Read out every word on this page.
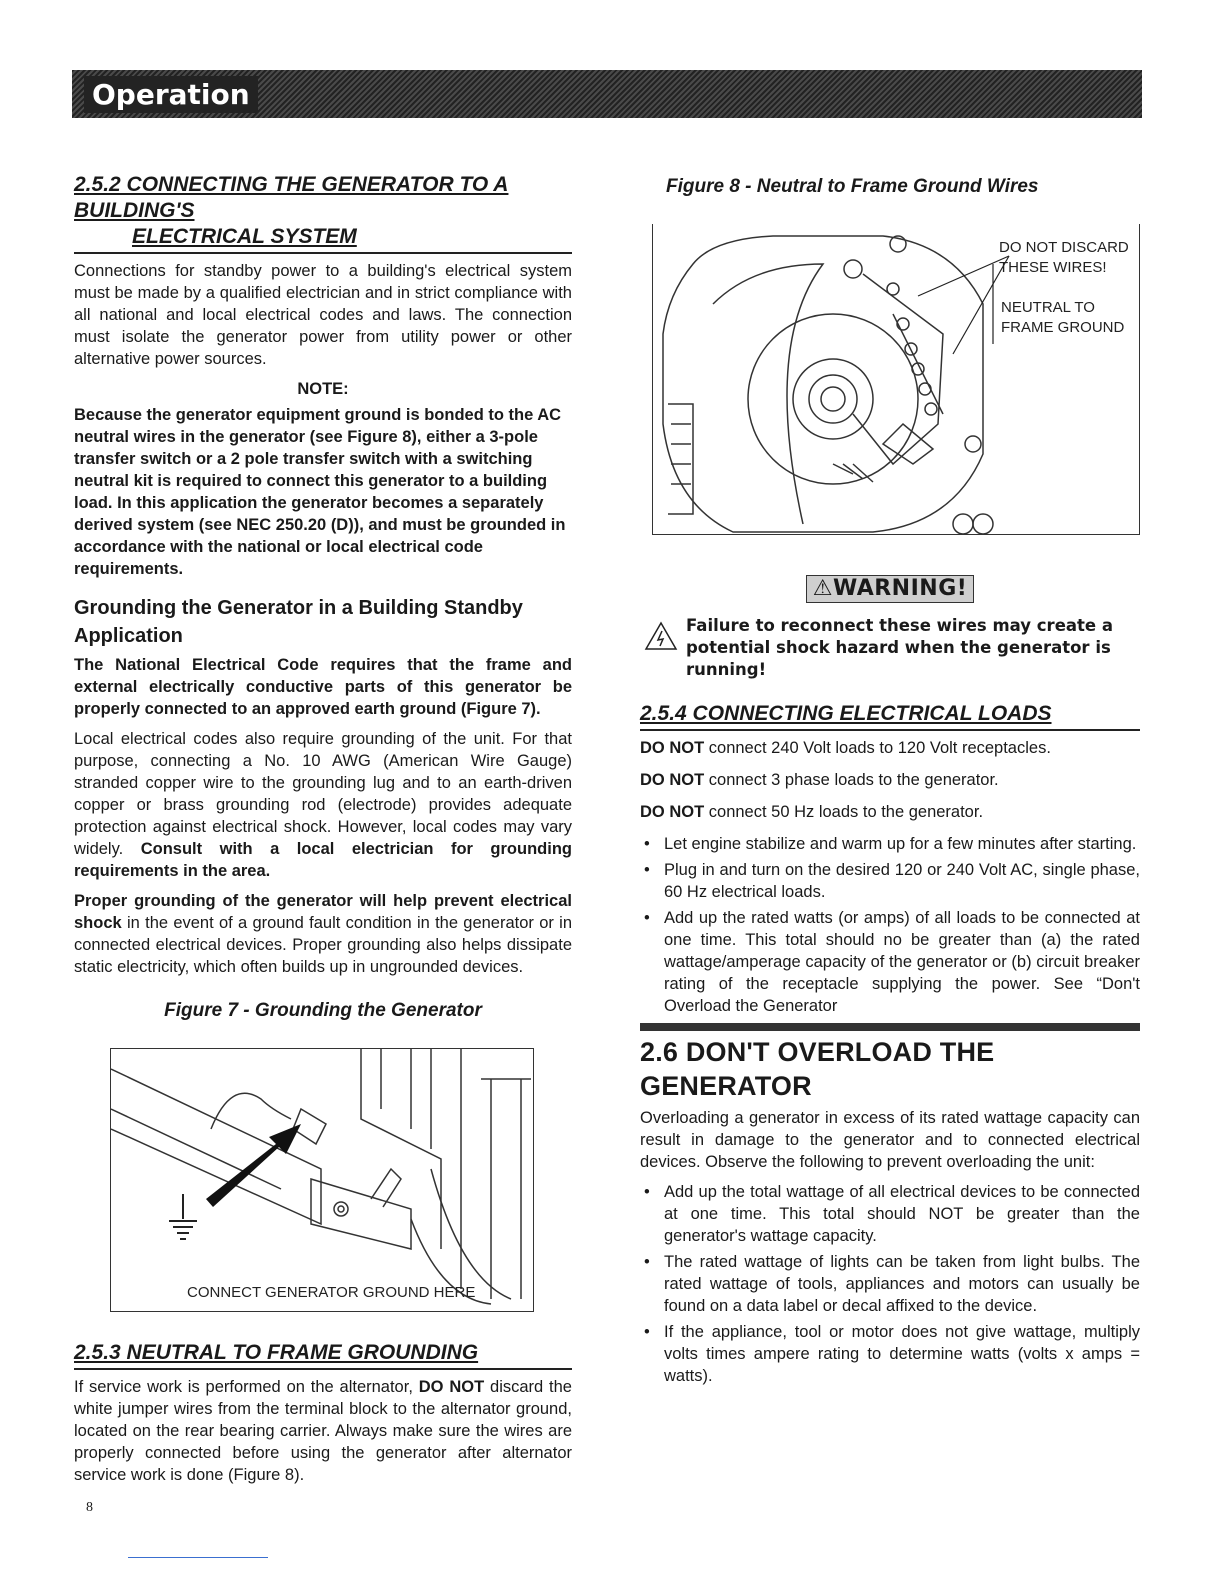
Operation
2.5.2 CONNECTING THE GENERATOR TO A BUILDING'S
ELECTRICAL SYSTEM

Connections for standby power to a building's electrical system must be made by a qualified electrician and in strict compliance with all national and local electrical codes and laws. The connection must isolate the generator power from utility power or other alternative power sources.

NOTE:

Because the generator equipment ground is bonded to the AC neutral wires in the generator (see Figure 8), either a 3-pole transfer switch or a 2 pole transfer switch with a switching neutral kit is required to connect this generator to a building load. In this application the generator becomes a separately derived system (see NEC 250.20 (D)), and must be grounded in accordance with the national or local electrical code requirements.

Grounding the Generator in a Building Standby Application

The National Electrical Code requires that the frame and external electrically conductive parts of this generator be properly connected to an approved earth ground (Figure 7).

Local electrical codes also require grounding of the unit. For that purpose, connecting a No. 10 AWG (American Wire Gauge) stranded copper wire to the grounding lug and to an earth-driven copper or brass grounding rod (electrode) provides adequate protection against electrical shock. However, local codes may vary widely. Consult with a local electrician for grounding requirements in the area.

Proper grounding of the generator will help prevent electrical shock in the event of a ground fault condition in the generator or in connected electrical devices. Proper grounding also helps dissipate static electricity, which often builds up in ungrounded devices.

Figure 7 - Grounding the Generator

CONNECT GENERATOR GROUND HERE
2.5.3 NEUTRAL TO FRAME GROUNDING

If service work is performed on the alternator, DO NOT discard the white jumper wires from the terminal block to the alternator ground, located on the rear bearing carrier. Always make sure the wires are properly connected before using the generator after alternator service work is done (Figure 8).

Figure 8 - Neutral to Frame Ground Wires

DO NOT DISCARD
THESE WIRES!
NEUTRAL TO
FRAME GROUND
⚠WARNING!
Failure to reconnect these wires may create a potential shock hazard when the generator is running!
2.5.4 CONNECTING ELECTRICAL LOADS

DO NOT connect 240 Volt loads to 120 Volt receptacles.

DO NOT connect 3 phase loads to the generator.

DO NOT connect 50 Hz loads to the generator.

• Let engine stabilize and warm up for a few minutes after starting.
• Plug in and turn on the desired 120 or 240 Volt AC, single phase, 60 Hz electrical loads.
• Add up the rated watts (or amps) of all loads to be connected at one time. This total should no be greater than (a) the rated wattage/amperage capacity of the generator or (b) circuit breaker rating of the receptacle supplying the power. See “Don't Overload the Generator
2.6 DON'T OVERLOAD THE GENERATOR

Overloading a generator in excess of its rated wattage capacity can result in damage to the generator and to connected electrical devices. Observe the following to prevent overloading the unit:

• Add up the total wattage of all electrical devices to be connected at one time. This total should NOT be greater than the generator's wattage capacity.
• The rated wattage of lights can be taken from light bulbs. The rated wattage of tools, appliances and motors can usually be found on a data label or decal affixed to the device.
• If the appliance, tool or motor does not give wattage, multiply volts times ampere rating to determine watts (volts x amps = watts).
8
